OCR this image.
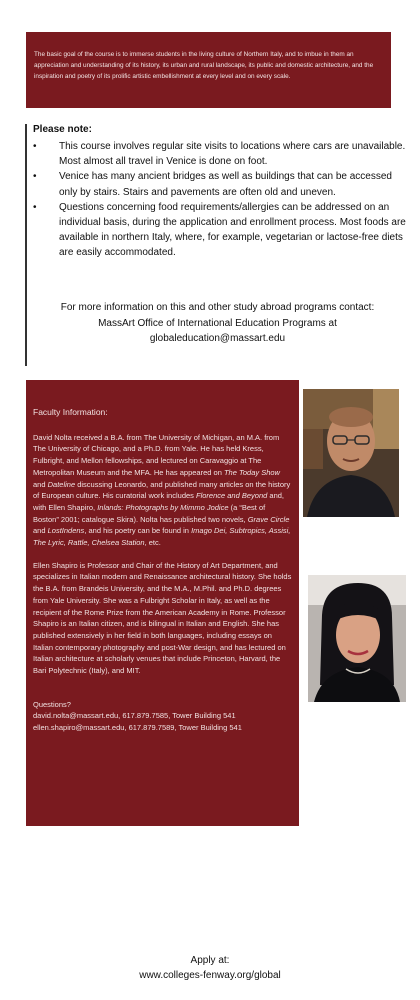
The basic goal of the course is to immerse students in the living culture of Northern Italy, and to imbue in them an appreciation and understanding of its history, its urban and rural landscape, its public and domestic architecture, and the inspiration and poetry of its prolific artistic embellishment at every level and on every scale.
Please note:
• This course involves regular site visits to locations where cars are unavailable. Most almost all travel in Venice is done on foot.
• Venice has many ancient bridges as well as buildings that can be accessed only by stairs. Stairs and pavements are often old and uneven.
• Questions concerning food requirements/allergies can be addressed on an individual basis, during the application and enrollment process. Most foods are available in northern Italy, where, for example, vegetarian or lactose-free diets are easily accommodated.
For more information on this and other study abroad programs contact:
MassArt Office of International Education Programs at
globaleducation@massart.edu

Faculty Information:

David Nolta received a B.A. from The University of Michigan, an M.A. from The University of Chicago, and a Ph.D. from Yale. He has held Kress, Fulbright, and Mellon fellowships, and lectured on Caravaggio at The Metropolitan Museum and the MFA. He has appeared on The Today Show and Dateline discussing Leonardo, and published many articles on the history of European culture. His curatorial work includes Florence and Beyond and, with Ellen Shapiro, Inlands: Photographs by Mimmo Jodice (a “Best of Boston” 2001; catalogue Skira). Nolta has published two novels, Grave Circle and LostIndens, and his poetry can be found in Imago Dei, Subtropics, Assisi, The Lyric, Rattle, Chelsea Station, etc.

Ellen Shapiro is Professor and Chair of the History of Art Department, and specializes in Italian modern and Renaissance architectural history. She holds the B.A. from Brandeis University, and the M.A., M.Phil. and Ph.D. degrees from Yale University. She was a Fulbright Scholar in Italy, as well as the recipient of the Rome Prize from the American Academy in Rome. Professor Shapiro is an Italian citizen, and is bilingual in Italian and English. She has published extensively in her field in both languages, including essays on Italian contemporary photography and post-War design, and has lectured on Italian architecture at scholarly venues that include Princeton, Harvard, the Bari Polytechnic (Italy), and MIT.

Questions?

david.nolta@massart.edu, 617.879.7585, Tower Building 541

ellen.shapiro@massart.edu, 617.879.7589, Tower Building 541

Apply at:
www.colleges-fenway.org/global
